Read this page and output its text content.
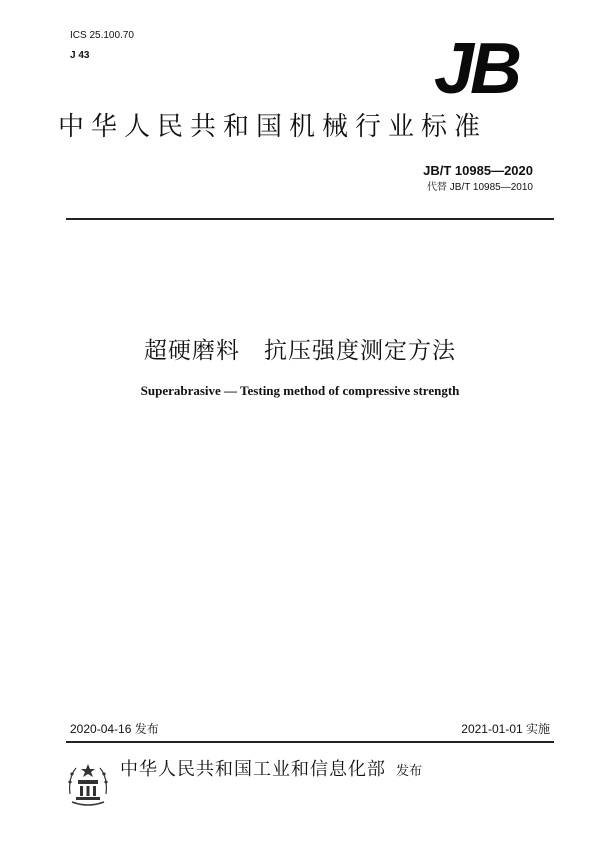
ICS 25.100.70
J 43	JB
中华人民共和国机械行业标准
JB/T 10985—2020
代替 JB/T 10985—2010
超硬磨料 抗压强度测定方法
Superabrasive — Testing method of compressive strength
2020-04-16 发布	2021-01-01 实施
中华人民共和国工业和信息化部 发布
